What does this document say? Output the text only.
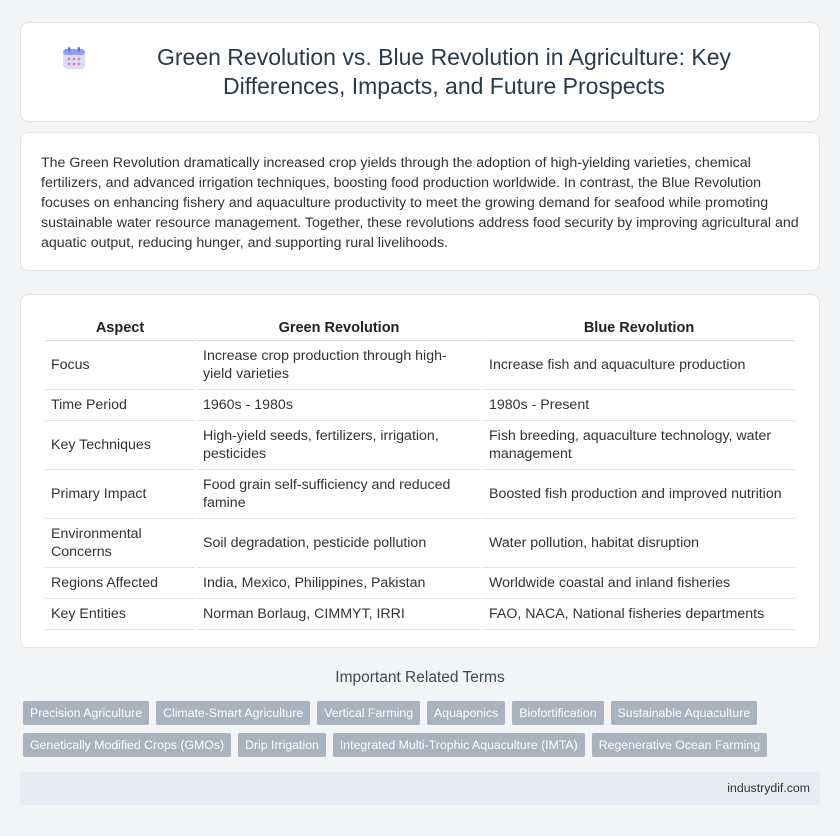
Green Revolution vs. Blue Revolution in Agriculture: Key Differences, Impacts, and Future Prospects

The Green Revolution dramatically increased crop yields through the adoption of high-yielding varieties, chemical fertilizers, and advanced irrigation techniques, boosting food production worldwide. In contrast, the Blue Revolution focuses on enhancing fishery and aquaculture productivity to meet the growing demand for seafood while promoting sustainable water resource management. Together, these revolutions address food security by improving agricultural and aquatic output, reducing hunger, and supporting rural livelihoods.

Aspect	Green Revolution	Blue Revolution
Focus	Increase crop production through high-yield varieties	Increase fish and aquaculture production
Time Period	1960s - 1980s	1980s - Present
Key Techniques	High-yield seeds, fertilizers, irrigation, pesticides	Fish breeding, aquaculture technology, water management
Primary Impact	Food grain self-sufficiency and reduced famine	Boosted fish production and improved nutrition
Environmental Concerns	Soil degradation, pesticide pollution	Water pollution, habitat disruption
Regions Affected	India, Mexico, Philippines, Pakistan	Worldwide coastal and inland fisheries
Key Entities	Norman Borlaug, CIMMYT, IRRI	FAO, NACA, National fisheries departments
Important Related Terms
Precision Agriculture	Climate-Smart Agriculture	Vertical Farming	Aquaponics	Biofortification	Sustainable Aquaculture
Genetically Modified Crops (GMOs)	Drip Irrigation	Integrated Multi-Trophic Aquaculture (IMTA)	Regenerative Ocean Farming
industrydif.com
